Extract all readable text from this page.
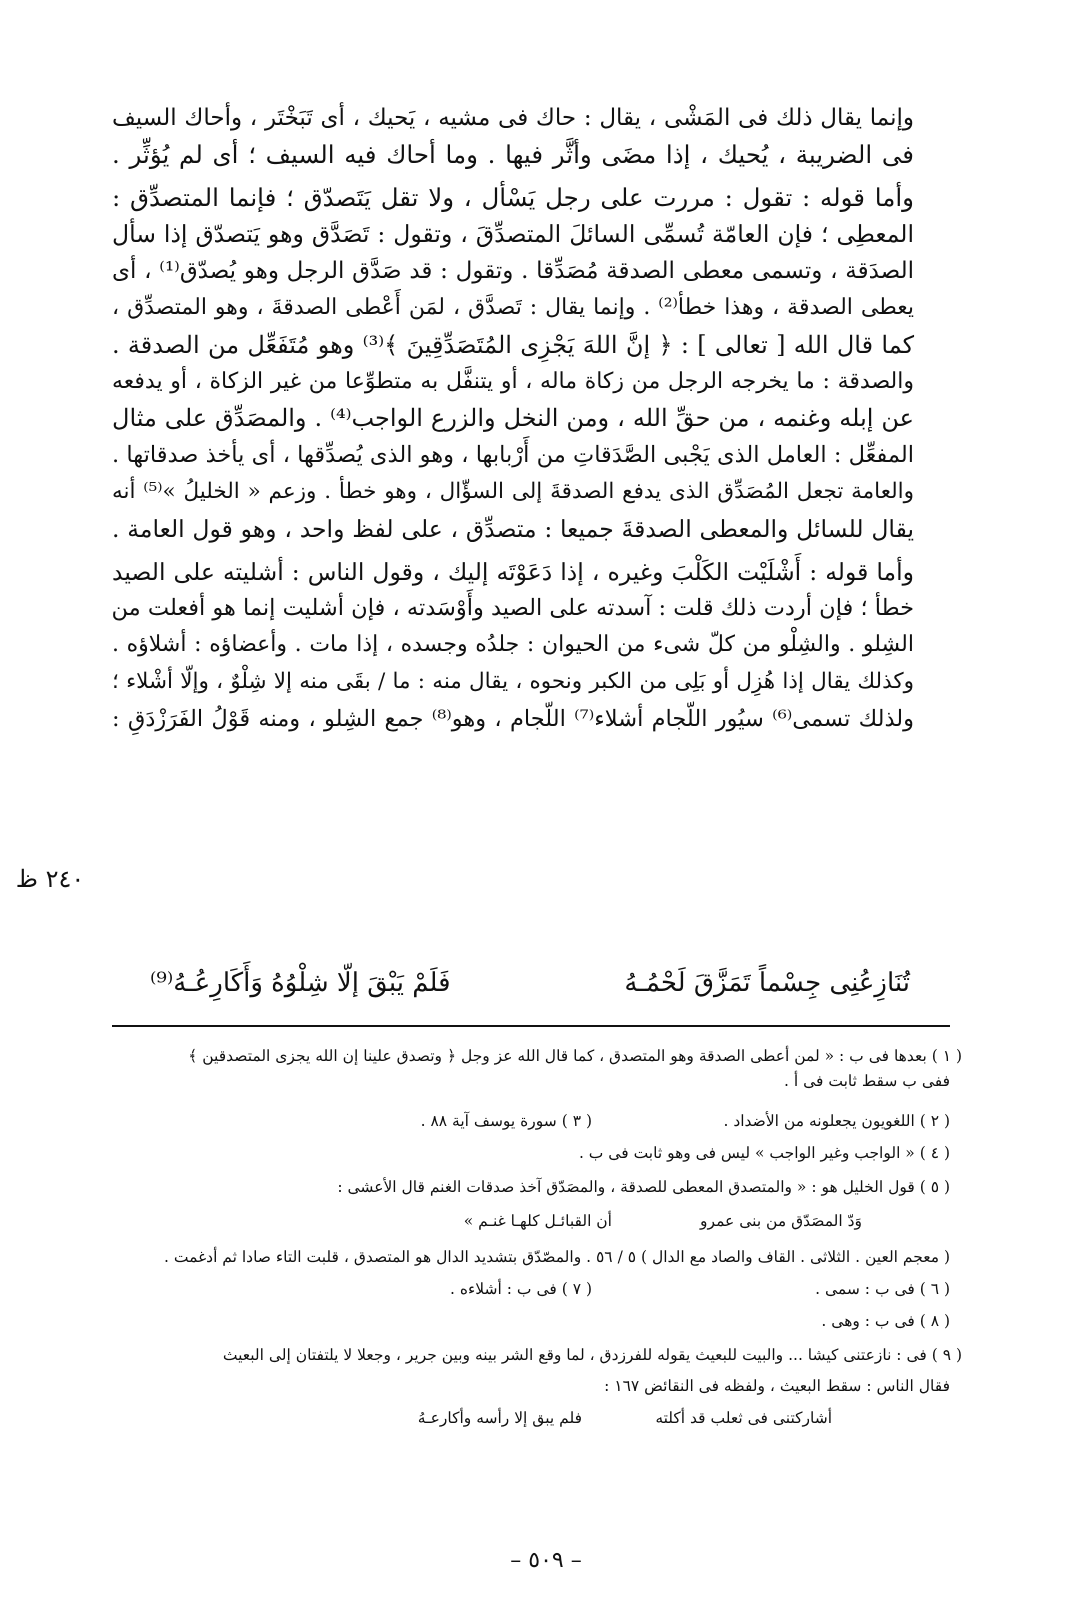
وإنما يقال ذلك فى المَشْى ، يقال : حاك فى مشيه ، يَحيك ، أى تَبَخْتَر ، وأحاك السيف
فى الضريبة ، يُحيك ، إذا مضَى وأثَّر فيها . وما أحاك فيه السيف ؛ أى لم يُؤثِّر .

وأما قوله : تقول : مررت على رجل يَسْأل ، ولا تقل يَتَصدّق ؛ فإنما المتصدِّق :
المعطِى ؛ فإن العامّة تُسمِّى السائلَ المتصدِّقَ ، وتقول : تَصَدَّق وهو يَتصدّق إذا سأل
الصدَقة ، وتسمى معطى الصدقة مُصَدِّقا . وتقول : قد صَدَّق الرجل وهو يُصدّق⁽¹⁾ ، أى
يعطى الصدقة ، وهذا خطأ⁽²⁾ . وإنما يقال : تَصدَّق ، لمَن أَعْطى الصدقةَ ، وهو المتصدِّق ،
كما قال الله [ تعالى ] : ﴿ إنَّ اللهَ يَجْزِى المُتَصَدِّقِينَ ﴾⁽³⁾ وهو مُتَفَعِّل من الصدقة .
والصدقة : ما يخرجه الرجل من زكاة ماله ، أو يتنفَّل به متطوِّعا من غير الزكاة ، أو يدفعه
عن إبله وغنمه ، من حقِّ الله ، ومن النخل والزرع الواجب⁽⁴⁾ . والمصَدِّق على مثال
المفعِّل : العامل الذى يَجْبى الصَّدَقاتِ من أَرْبابها ، وهو الذى يُصدِّقها ، أى يأخذ صدقاتها .
والعامة تجعل المُصَدِّق الذى يدفع الصدقةَ إلى السؤّال ، وهو خطأ . وزعم « الخليلُ »⁽⁵⁾ أنه
يقال للسائل والمعطى الصدقةَ جميعا : متصدِّق ، على لفظ واحد ، وهو قول العامة .

وأما قوله : أَشْلَيْت الكَلْبَ وغيره ، إذا دَعَوْتَه إليك ، وقول الناس : أشليته على الصيد
خطأ ؛ فإن أردت ذلك قلت : آسدته على الصيد وأَوْسَدته ، فإن أشليت إنما هو أفعلت من
الشِلو . والشِلْو من كلّ شىء من الحيوان : جلدُه وجسده ، إذا مات . وأعضاؤه : أشلاؤه .
وكذلك يقال إذا هُزِل أو بَلِى من الكبر ونحوه ، يقال منه : ما / بقَى منه إلا شِلْوٌ ، وإلّا أشْلاء ؛
ولذلك تسمى⁽⁶⁾ سيُور اللّجام أشلاء⁽⁷⁾ اللّجام ، وهو⁽⁸⁾ جمع الشِلو ، ومنه قَوْلُ الفَرَزْدَقِ :

٢٤٠ ظ
تُنَازِعُنِى جِسْماً تَمَزَّقَ لَحْمُـهُ
فَلَمْ يَبْقَ إلّا شِلْوُهُ وَأَكَارِعُـهُ⁽⁹⁾
( ١ ) بعدها فى ب : « لمن أعطى الصدقة وهو المتصدق ، كما قال الله عز وجل ﴿ وتصدق علينا إن الله يجزى المتصدقين ﴾
ففى ب سقط ثابت فى أ .
( ٢ ) اللغويون يجعلونه من الأضداد .
( ٣ ) سورة يوسف آية ٨٨ .
( ٤ ) « الواجب وغير الواجب » ليس فى وهو ثابت فى ب .
( ٥ ) قول الخليل هو : « والمتصدق المعطى للصدقة ، والمصَدّق آخذ صدقات الغنم قال الأعشى :
وَدّ المصَدّق من بنى عمرو
أن القبائـل كلهـا غنـم »
( معجم العين . الثلاثى . القاف والصاد مع الدال ) ٥ / ٥٦ . والمصّدّق بتشديد الدال هو المتصدق ، قلبت التاء صادا ثم أدغمت .
( ٦ ) فى ب : سمى .
( ٧ ) فى ب : أشلاءه .
( ٨ ) فى ب : وهى .
( ٩ ) فى : نازعتنى كيشا ... والبيت للبعيث يقوله للفرزدق ، لما وقع الشر بينه وبين جرير ، وجعلا لا يلتفتان إلى البعيث
فقال الناس : سقط البعيث ، ولفظه فى النقائض ١٦٧ :
أشاركتنى فى ثعلب قد أكلته
فلم يبق إلا رأسه وأكارعـهُ
– ٥٠٩ –
